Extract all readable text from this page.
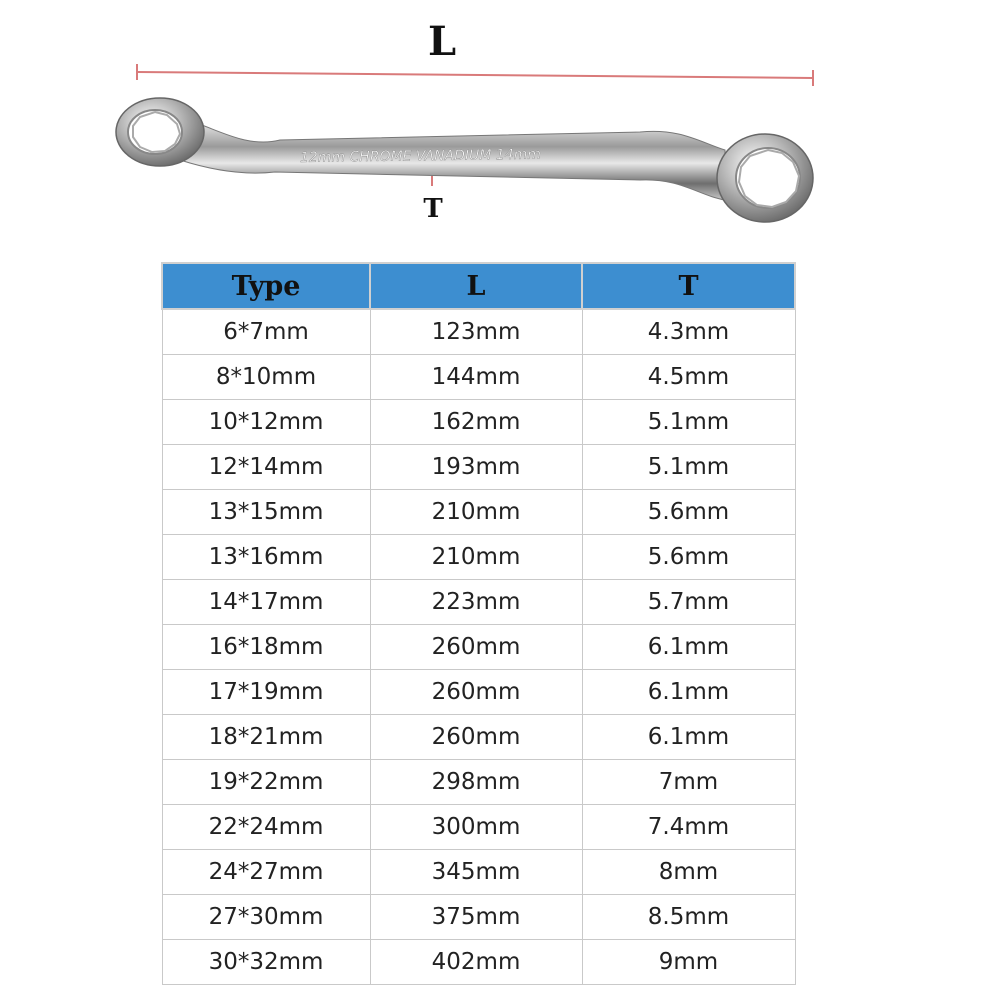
12mm CHROME VANADIUM 14mm
L
T
Type	L	T
6*7mm	123mm	4.3mm
8*10mm	144mm	4.5mm
10*12mm	162mm	5.1mm
12*14mm	193mm	5.1mm
13*15mm	210mm	5.6mm
13*16mm	210mm	5.6mm
14*17mm	223mm	5.7mm
16*18mm	260mm	6.1mm
17*19mm	260mm	6.1mm
18*21mm	260mm	6.1mm
19*22mm	298mm	7mm
22*24mm	300mm	7.4mm
24*27mm	345mm	8mm
27*30mm	375mm	8.5mm
30*32mm	402mm	9mm
